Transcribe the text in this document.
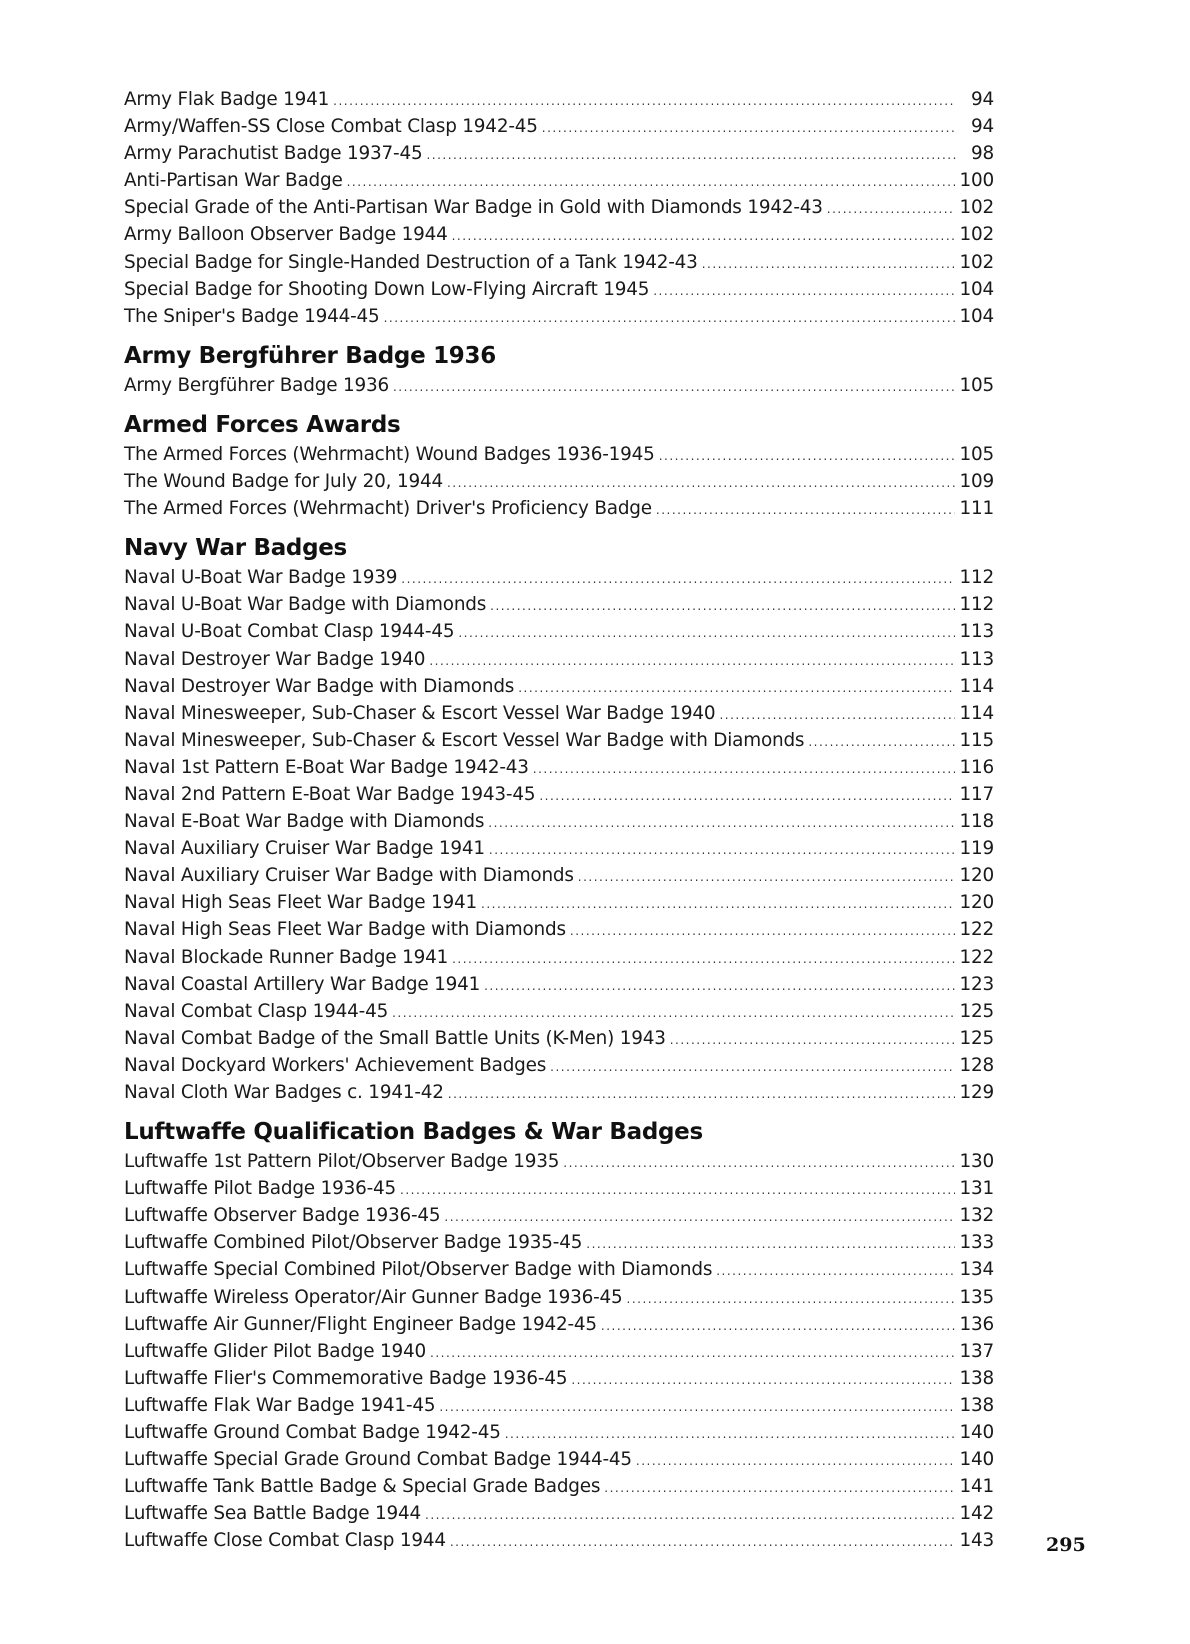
Army Flak Badge 1941 .....	94
Army/Waffen-SS Close Combat Clasp 1942-45 .....	94
Army Parachutist Badge 1937-45 .....	98
Anti-Partisan War Badge .....	100
Special Grade of the Anti-Partisan War Badge in Gold with Diamonds 1942-43 .....	102
Army Balloon Observer Badge 1944 .....	102
Special Badge for Single-Handed Destruction of a Tank 1942-43 .....	102
Special Badge for Shooting Down Low-Flying Aircraft 1945 .....	104
The Sniper's Badge 1944-45 .....	104
Army Bergführer Badge 1936
Army Bergführer Badge 1936 .....	105
Armed Forces Awards
The Armed Forces (Wehrmacht) Wound Badges 1936-1945 .....	105
The Wound Badge for July 20, 1944 .....	109
The Armed Forces (Wehrmacht) Driver's Proficiency Badge .....	111
Navy War Badges
Naval U-Boat War Badge 1939 .....	112
Naval U-Boat War Badge with Diamonds .....	112
Naval U-Boat Combat Clasp 1944-45 .....	113
Naval Destroyer War Badge 1940 .....	113
Naval Destroyer War Badge with Diamonds .....	114
Naval Minesweeper, Sub-Chaser & Escort Vessel War Badge 1940 .....	114
Naval Minesweeper, Sub-Chaser & Escort Vessel War Badge with Diamonds .....	115
Naval 1st Pattern E-Boat War Badge 1942-43 .....	116
Naval 2nd Pattern E-Boat War Badge 1943-45 .....	117
Naval E-Boat War Badge with Diamonds .....	118
Naval Auxiliary Cruiser War Badge 1941 .....	119
Naval Auxiliary Cruiser War Badge with Diamonds .....	120
Naval High Seas Fleet War Badge 1941 .....	120
Naval High Seas Fleet War Badge with Diamonds .....	122
Naval Blockade Runner Badge 1941 .....	122
Naval Coastal Artillery War Badge 1941 .....	123
Naval Combat Clasp 1944-45 .....	125
Naval Combat Badge of the Small Battle Units (K-Men) 1943 .....	125
Naval Dockyard Workers' Achievement Badges .....	128
Naval Cloth War Badges c. 1941-42 .....	129
Luftwaffe Qualification Badges & War Badges
Luftwaffe 1st Pattern Pilot/Observer Badge 1935 .....	130
Luftwaffe Pilot Badge 1936-45 .....	131
Luftwaffe Observer Badge 1936-45 .....	132
Luftwaffe Combined Pilot/Observer Badge 1935-45 .....	133
Luftwaffe Special Combined Pilot/Observer Badge with Diamonds .....	134
Luftwaffe Wireless Operator/Air Gunner Badge 1936-45 .....	135
Luftwaffe Air Gunner/Flight Engineer Badge 1942-45 .....	136
Luftwaffe Glider Pilot Badge 1940 .....	137
Luftwaffe Flier's Commemorative Badge 1936-45 .....	138
Luftwaffe Flak War Badge 1941-45 .....	138
Luftwaffe Ground Combat Badge 1942-45 .....	140
Luftwaffe Special Grade Ground Combat Badge 1944-45 .....	140
Luftwaffe Tank Battle Badge & Special Grade Badges .....	141
Luftwaffe Sea Battle Badge 1944 .....	142
Luftwaffe Close Combat Clasp 1944 .....	143	295
